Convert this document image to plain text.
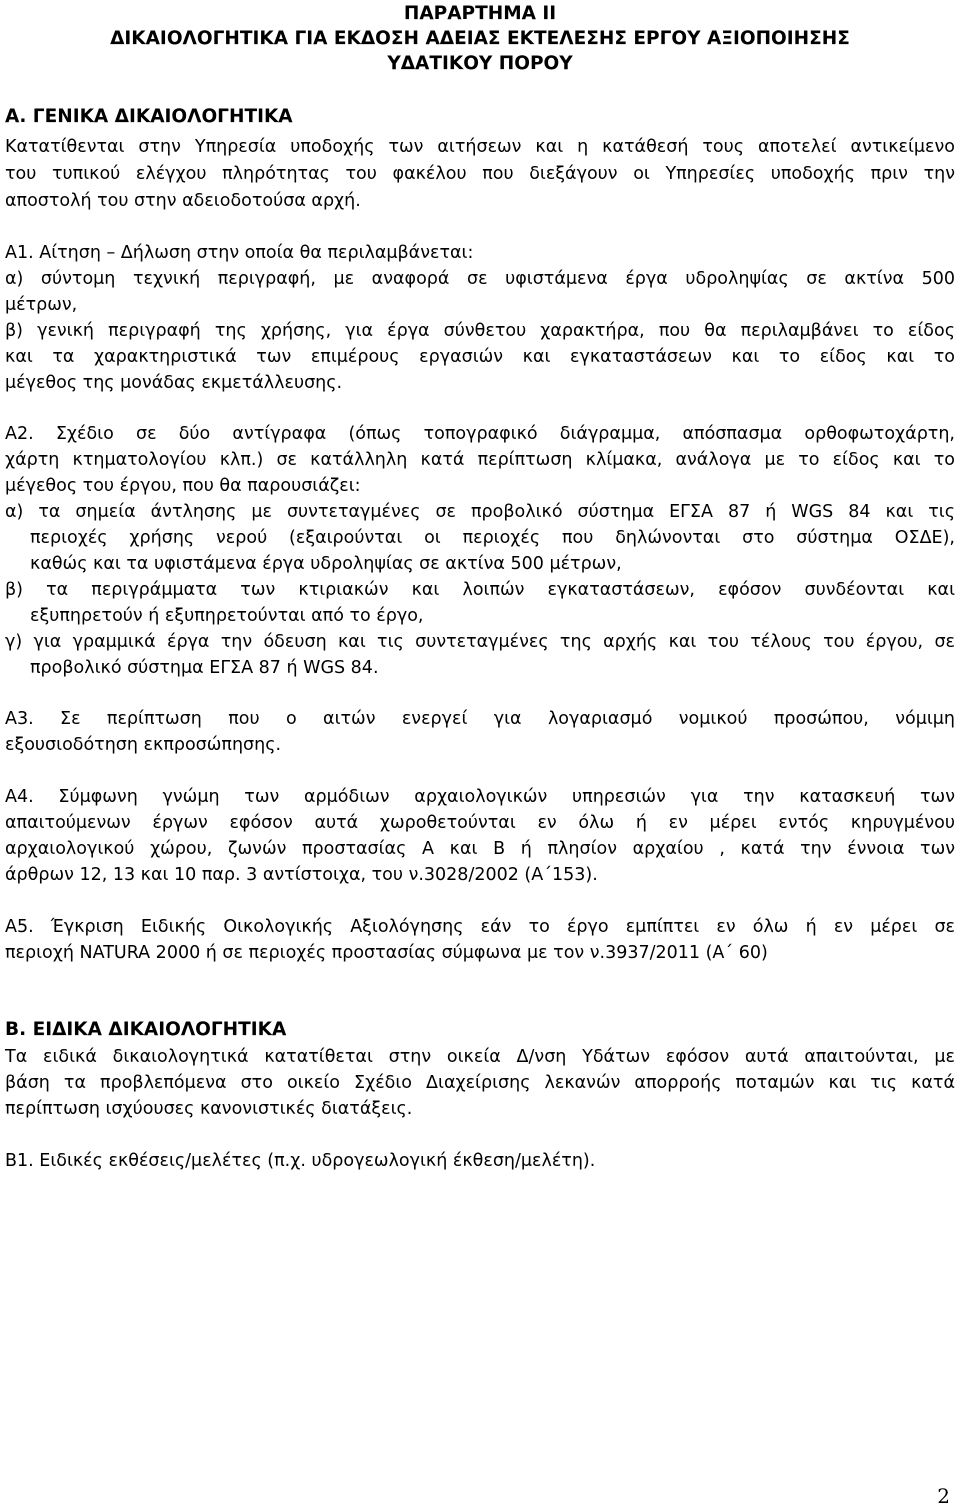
ΠΑΡΑΡΤΗΜΑ ΙΙ
ΔΙΚΑΙΟΛΟΓΗΤΙΚΑ ΓΙΑ ΕΚΔΟΣΗ ΑΔΕΙΑΣ ΕΚΤΕΛΕΣΗΣ ΕΡΓΟΥ ΑΞΙΟΠΟΙΗΣΗΣ
ΥΔΑΤΙΚΟΥ ΠΟΡΟΥ
Α. ΓΕΝΙΚΑ ΔΙΚΑΙΟΛΟΓΗΤΙΚΑ
Κατατίθενται στην Υπηρεσία υποδοχής των αιτήσεων και η κατάθεσή τους αποτελεί αντικείμενο
του τυπικού ελέγχου πληρότητας του φακέλου που διεξάγουν οι Υπηρεσίες υποδοχής πριν την
αποστολή του στην αδειοδοτούσα αρχή.
Α1. Αίτηση – Δήλωση στην οποία θα περιλαμβάνεται:
α) σύντομη τεχνική περιγραφή, με αναφορά σε υφιστάμενα έργα υδροληψίας σε ακτίνα 500
μέτρων,
β) γενική περιγραφή της χρήσης, για έργα σύνθετου χαρακτήρα, που θα περιλαμβάνει το είδος
και τα χαρακτηριστικά των επιμέρους εργασιών και εγκαταστάσεων και το είδος και το
μέγεθος της μονάδας εκμετάλλευσης.
Α2. Σχέδιο σε δύο αντίγραφα (όπως τοπογραφικό διάγραμμα, απόσπασμα ορθοφωτοχάρτη,
χάρτη κτηματολογίου κλπ.) σε κατάλληλη κατά περίπτωση κλίμακα, ανάλογα με το είδος και το
μέγεθος του έργου, που θα παρουσιάζει:
α) τα σημεία άντλησης με συντεταγμένες σε προβολικό σύστημα ΕΓΣΑ 87 ή WGS 84 και τις
περιοχές χρήσης νερού (εξαιρούνται οι περιοχές που δηλώνονται στο σύστημα ΟΣΔΕ),
καθώς και τα υφιστάμενα έργα υδροληψίας σε ακτίνα 500 μέτρων,
β) τα περιγράμματα των κτιριακών και λοιπών εγκαταστάσεων, εφόσον συνδέονται και
εξυπηρετούν ή εξυπηρετούνται από το έργο,
γ) για γραμμικά έργα την όδευση και τις συντεταγμένες της αρχής και του τέλους του έργου, σε
προβολικό σύστημα ΕΓΣΑ 87 ή WGS 84.
Α3. Σε περίπτωση που ο αιτών ενεργεί για λογαριασμό νομικού προσώπου, νόμιμη
εξουσιοδότηση εκπροσώπησης.
Α4. Σύμφωνη γνώμη των αρμόδιων αρχαιολογικών υπηρεσιών για την κατασκευή των
απαιτούμενων έργων εφόσον αυτά χωροθετούνται εν όλω ή εν μέρει εντός κηρυγμένου
αρχαιολογικού χώρου, ζωνών προστασίας Α και Β ή πλησίον αρχαίου , κατά την έννοια των
άρθρων 12, 13 και 10 παρ. 3 αντίστοιχα, του ν.3028/2002 (Α΄153).
Α5. Έγκριση Ειδικής Οικολογικής Αξιολόγησης εάν το έργο εμπίπτει εν όλω ή εν μέρει σε
περιοχή NATURA 2000 ή σε περιοχές προστασίας σύμφωνα με τον ν.3937/2011 (Α΄ 60)
Β. ΕΙΔΙΚΑ ΔΙΚΑΙΟΛΟΓΗΤΙΚΑ
Τα ειδικά δικαιολογητικά κατατίθεται στην οικεία Δ/νση Υδάτων εφόσον αυτά απαιτούνται, με
βάση τα προβλεπόμενα στο οικείο Σχέδιο Διαχείρισης λεκανών απορροής ποταμών και τις κατά
περίπτωση ισχύουσες κανονιστικές διατάξεις.
Β1. Ειδικές εκθέσεις/μελέτες (π.χ. υδρογεωλογική έκθεση/μελέτη).
2
